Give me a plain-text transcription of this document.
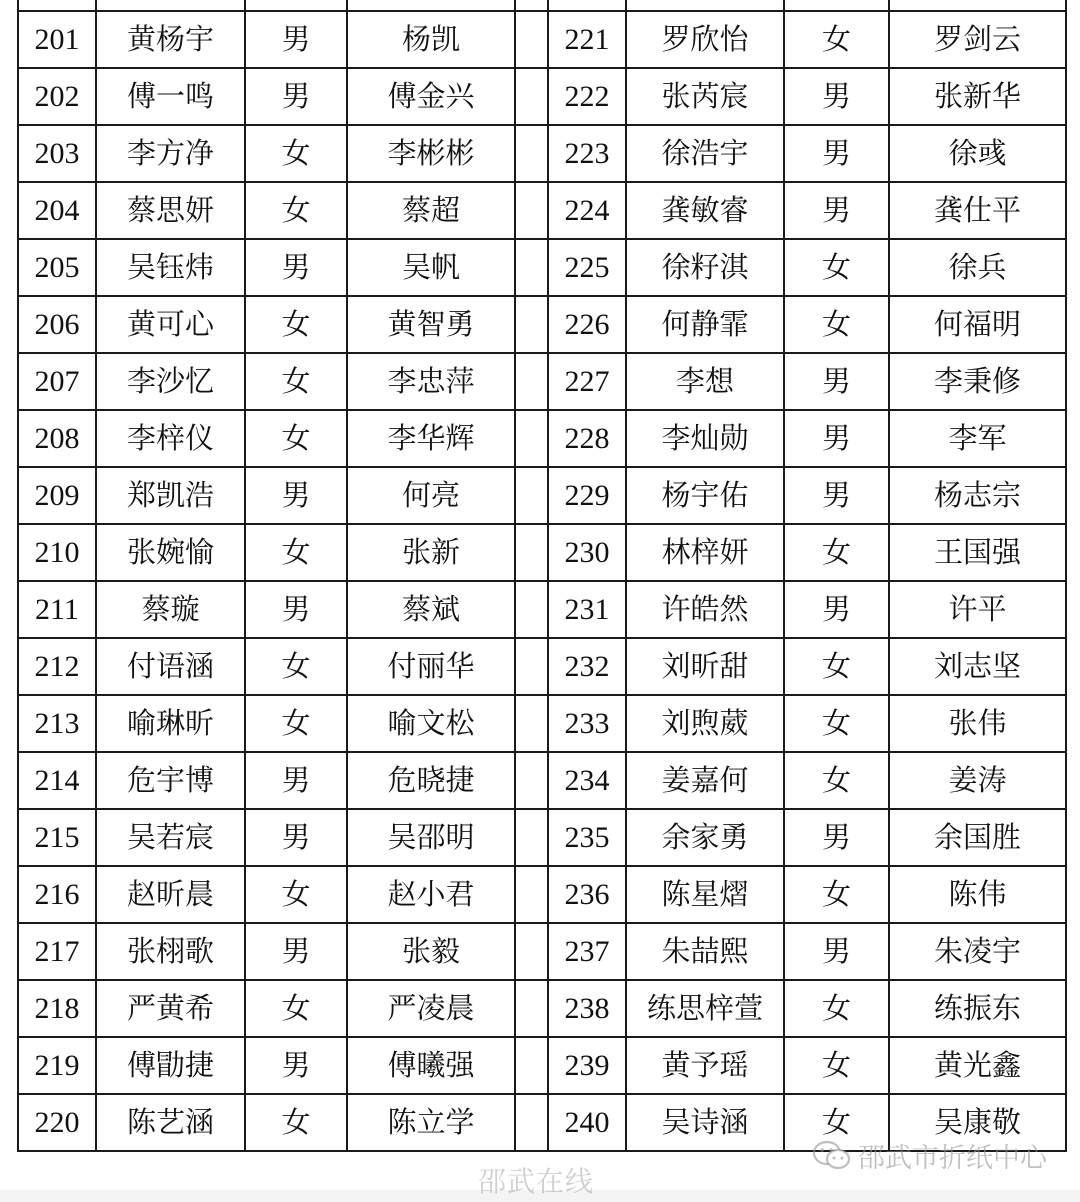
201	黄杨宇	男	杨凯		221	罗欣怡	女	罗剑云
202	傅一鸣	男	傅金兴		222	张芮宸	男	张新华
203	李方净	女	李彬彬		223	徐浩宇	男	徐彧
204	蔡思妍	女	蔡超		224	龚敏睿	男	龚仕平
205	吴钰炜	男	吴帆		225	徐籽淇	女	徐兵
206	黄可心	女	黄智勇		226	何静霏	女	何福明
207	李沙忆	女	李忠萍		227	李想	男	李秉修
208	李梓仪	女	李华辉		228	李灿勋	男	李军
209	郑凯浩	男	何亮		229	杨宇佑	男	杨志宗
210	张婉愉	女	张新		230	林梓妍	女	王国强
211	蔡璇	男	蔡斌		231	许皓然	男	许平
212	付语涵	女	付丽华		232	刘昕甜	女	刘志坚
213	喻琳昕	女	喻文松		233	刘煦葳	女	张伟
214	危宇博	男	危晓捷		234	姜嘉何	女	姜涛
215	吴若宸	男	吴邵明		235	余家勇	男	余国胜
216	赵昕晨	女	赵小君		236	陈星熠	女	陈伟
217	张栩歌	男	张毅		237	朱喆熙	男	朱凌宇
218	严黄希	女	严凌晨		238	练思梓萱	女	练振东
219	傅勖捷	男	傅曦强		239	黄予瑶	女	黄光鑫
220	陈艺涵	女	陈立学		240	吴诗涵	女	吴康敬
邵武在线
邵武市折纸中心
